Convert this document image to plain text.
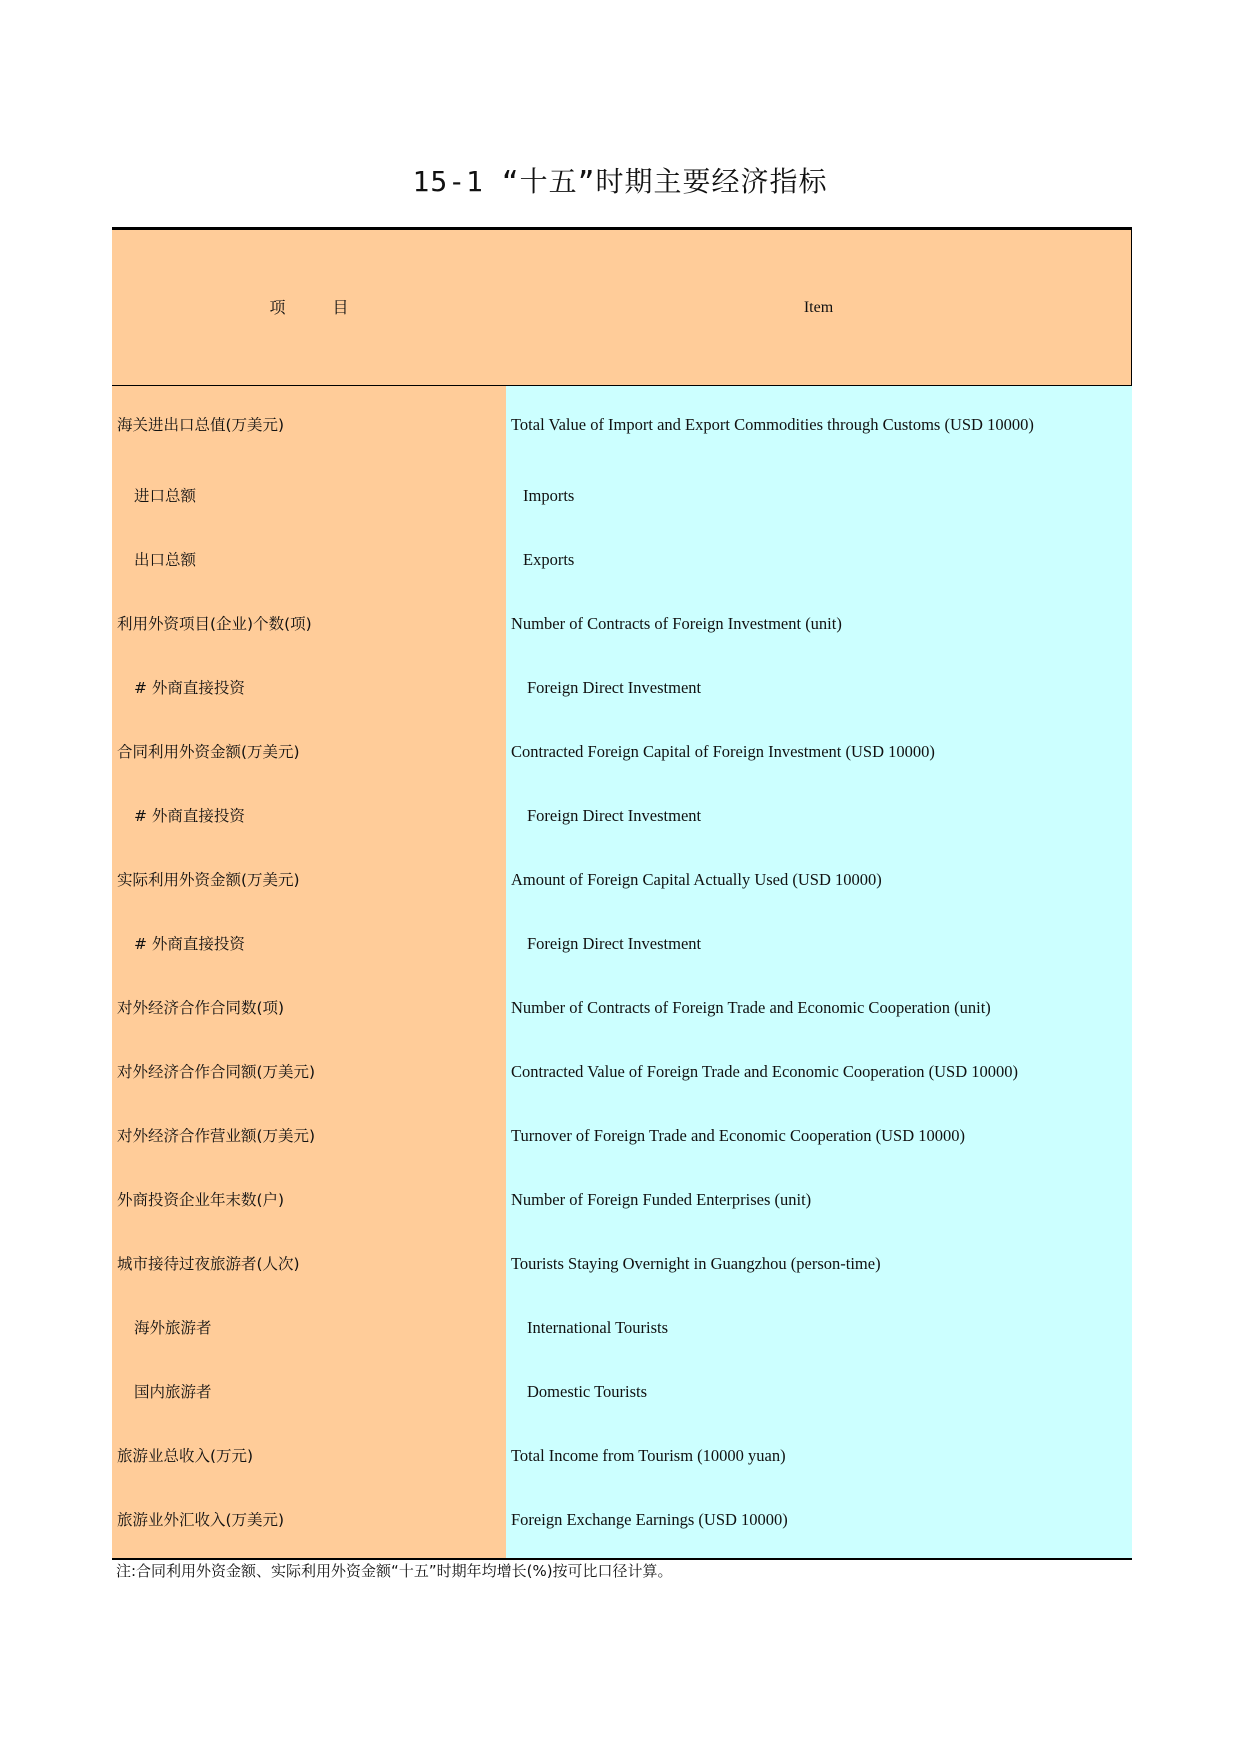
15-1 “十五”时期主要经济指标
项 目	Item
海关进出口总值(万美元)	Total Value of Import and Export Commodities through Customs (USD 10000)
进口总额	Imports
出口总额	Exports
利用外资项目(企业)个数(项)	Number of Contracts of Foreign Investment (unit)
# 外商直接投资	Foreign Direct Investment
合同利用外资金额(万美元)	Contracted Foreign Capital of Foreign Investment (USD 10000)
# 外商直接投资	Foreign Direct Investment
实际利用外资金额(万美元)	Amount of Foreign Capital Actually Used (USD 10000)
# 外商直接投资	Foreign Direct Investment
对外经济合作合同数(项)	Number of Contracts of Foreign Trade and Economic Cooperation (unit)
对外经济合作合同额(万美元)	Contracted Value of Foreign Trade and Economic Cooperation (USD 10000)
对外经济合作营业额(万美元)	Turnover of Foreign Trade and Economic Cooperation (USD 10000)
外商投资企业年末数(户)	Number of Foreign Funded Enterprises (unit)
城市接待过夜旅游者(人次)	Tourists Staying Overnight in Guangzhou (person-time)
海外旅游者	International Tourists
国内旅游者	Domestic Tourists
旅游业总收入(万元)	Total Income from Tourism (10000 yuan)
旅游业外汇收入(万美元)	Foreign Exchange Earnings (USD 10000)
注:合同利用外资金额、实际利用外资金额“十五”时期年均增长(%)按可比口径计算。
